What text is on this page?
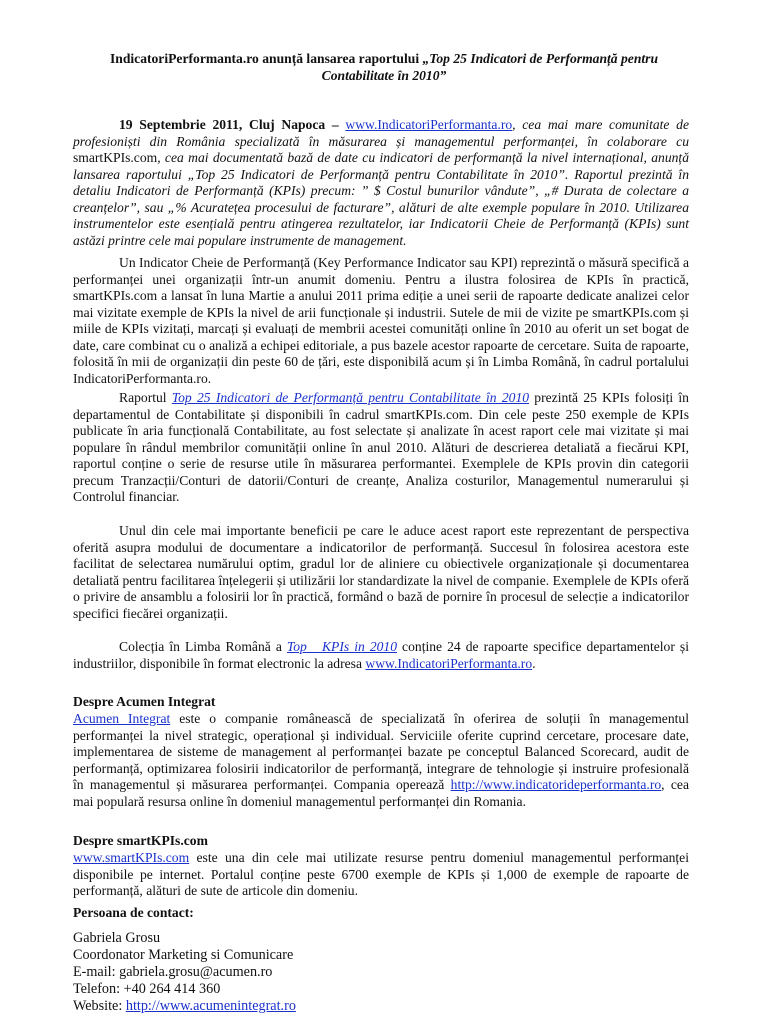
IndicatoriPerformanta.ro anunță lansarea raportului „Top 25 Indicatori de Performanță pentru Contabilitate în 2010”

19 Septembrie 2011, Cluj Napoca – www.IndicatoriPerformanta.ro, cea mai mare comunitate de profesioniști din România specializată în măsurarea și managementul performanței, în colaborare cu smartKPIs.com, cea mai documentată bază de date cu indicatori de performanță la nivel internațional, anunță lansarea raportului „Top 25 Indicatori de Performanță pentru Contabilitate în 2010”. Raportul prezintă în detaliu Indicatori de Performanță (KPIs) precum: ” $ Costul bunurilor vândute”, „# Durata de colectare a creanțelor”, sau „% Acuratețea procesului de facturare”, alături de alte exemple populare în 2010. Utilizarea instrumentelor este esențială pentru atingerea rezultatelor, iar Indicatorii Cheie de Performanță (KPIs) sunt astăzi printre cele mai populare instrumente de management.

Un Indicator Cheie de Performanță (Key Performance Indicator sau KPI) reprezintă o măsură specifică a performanței unei organizații într-un anumit domeniu. Pentru a ilustra folosirea de KPIs în practică, smartKPIs.com a lansat în luna Martie a anului 2011 prima ediție a unei serii de rapoarte dedicate analizei celor mai vizitate exemple de KPIs la nivel de arii funcționale și industrii. Sutele de mii de vizite pe smartKPIs.com și miile de KPIs vizitați, marcați și evaluați de membrii acestei comunități online în 2010 au oferit un set bogat de date, care combinat cu o analiză a echipei editoriale, a pus bazele acestor rapoarte de cercetare. Suita de rapoarte, folosită în mii de organizații din peste 60 de țări, este disponibilă acum și în Limba Română, în cadrul portalului IndicatoriPerformanta.ro.

Raportul Top 25 Indicatori de Performanță pentru Contabilitate în 2010 prezintă 25 KPIs folosiți în departamentul de Contabilitate și disponibili în cadrul smartKPIs.com. Din cele peste 250 exemple de KPIs publicate în aria funcțională Contabilitate, au fost selectate și analizate în acest raport cele mai vizitate și mai populare în rândul membrilor comunității online în anul 2010. Alături de descrierea detaliată a fiecărui KPI, raportul conține o serie de resurse utile în măsurarea performantei. Exemplele de KPIs provin din categorii precum Tranzacții/Conturi de datorii/Conturi de creanțe, Analiza costurilor, Managementul numerarului și Controlul financiar.

Unul din cele mai importante beneficii pe care le aduce acest raport este reprezentant de perspectiva oferită asupra modului de documentare a indicatorilor de performanță. Succesul în folosirea acestora este facilitat de selectarea numărului optim, gradul lor de aliniere cu obiectivele organizaționale și documentarea detaliată pentru facilitarea înțelegerii și utilizării lor standardizate la nivel de companie. Exemplele de KPIs oferă o privire de ansamblu a folosirii lor în practică, formând o bază de pornire în procesul de selecție a indicatorilor specifici fiecărei organizații.

Colecția în Limba Română a Top   KPIs in 2010 conține 24 de rapoarte specifice departamentelor și industriilor, disponibile în format electronic la adresa www.IndicatoriPerformanta.ro.

Despre Acumen Integrat

Acumen Integrat este o companie românească de specializată în oferirea de soluții în managementul performanței la nivel strategic, operațional și individual. Serviciile oferite cuprind cercetare, procesare date, implementarea de sisteme de management al performanței bazate pe conceptul Balanced Scorecard, audit de performanță, optimizarea folosirii indicatorilor de performanță, integrare de tehnologie și instruire profesională în managementul și măsurarea performanței. Compania operează http://www.indicatorideperformanta.ro, cea mai populară resursa online în domeniul managementul performanței din Romania.

Despre smartKPIs.com

www.smartKPIs.com este una din cele mai utilizate resurse pentru domeniul managementul performanței disponibile pe internet. Portalul conține peste 6700 exemple de KPIs și 1,000 de exemple de rapoarte de performanță, alături de sute de articole din domeniu.

Persoana de contact:
Gabriela Grosu
Coordonator Marketing si Comunicare
E-mail: gabriela.grosu@acumen.ro
Telefon: +40 264 414 360
Website: http://www.acumenintegrat.ro
